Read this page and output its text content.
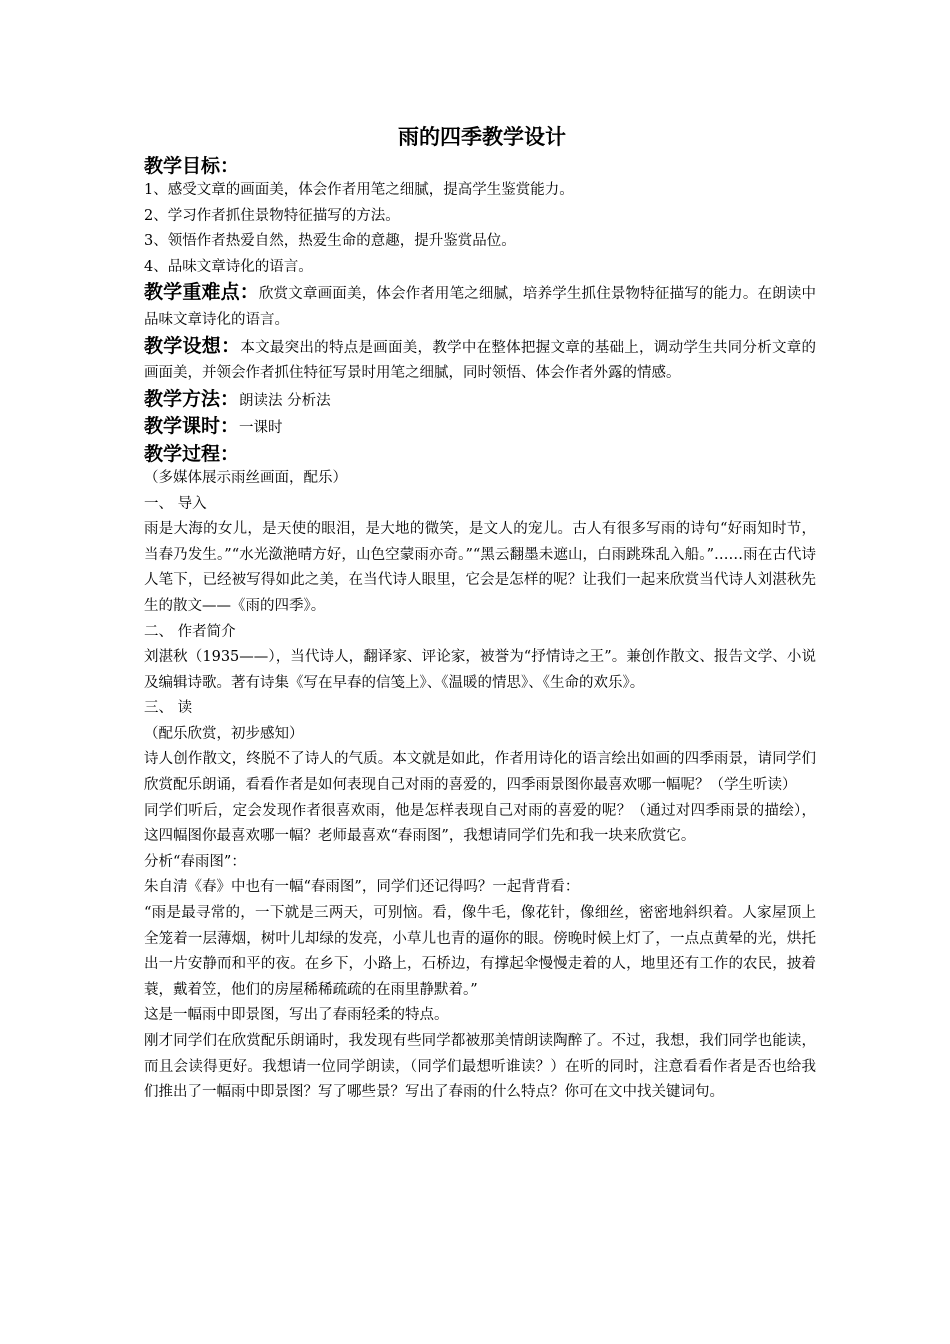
雨的四季教学设计

教学目标：

1、感受文章的画面美，体会作者用笔之细腻，提高学生鉴赏能力。

2、学习作者抓住景物特征描写的方法。

3、领悟作者热爱自然，热爱生命的意趣，提升鉴赏品位。

4、品味文章诗化的语言。

教学重难点：欣赏文章画面美，体会作者用笔之细腻，培养学生抓住景物特征描写的能力。在朗读中品味文章诗化的语言。

教学设想：本文最突出的特点是画面美，教学中在整体把握文章的基础上，调动学生共同分析文章的画面美，并领会作者抓住特征写景时用笔之细腻，同时领悟、体会作者外露的情感。

教学方法：朗读法 分析法

教学课时：一课时

教学过程：

（多媒体展示雨丝画面，配乐）

一、 导入

雨是大海的女儿，是天使的眼泪，是大地的微笑，是文人的宠儿。古人有很多写雨的诗句“好雨知时节，当春乃发生。”“水光潋滟晴方好，山色空蒙雨亦奇。”“黑云翻墨未遮山，白雨跳珠乱入船。”……雨在古代诗人笔下，已经被写得如此之美，在当代诗人眼里，它会是怎样的呢？让我们一起来欣赏当代诗人刘湛秋先生的散文——《雨的四季》。

二、 作者简介

刘湛秋（1935——），当代诗人，翻译家、评论家，被誉为“抒情诗之王”。兼创作散文、报告文学、小说及编辑诗歌。著有诗集《写在早春的信笺上》、《温暖的情思》、《生命的欢乐》。

三、 读

（配乐欣赏，初步感知）

诗人创作散文，终脱不了诗人的气质。本文就是如此，作者用诗化的语言绘出如画的四季雨景，请同学们欣赏配乐朗诵，看看作者是如何表现自己对雨的喜爱的，四季雨景图你最喜欢哪一幅呢？（学生听读）

同学们听后，定会发现作者很喜欢雨，他是怎样表现自己对雨的喜爱的呢？（通过对四季雨景的描绘），这四幅图你最喜欢哪一幅？老师最喜欢“春雨图”，我想请同学们先和我一块来欣赏它。

分析“春雨图”：

朱自清《春》中也有一幅“春雨图”，同学们还记得吗？一起背背看：

“雨是最寻常的，一下就是三两天，可别恼。看，像牛毛，像花针，像细丝，密密地斜织着。人家屋顶上全笼着一层薄烟，树叶儿却绿的发亮，小草儿也青的逼你的眼。傍晚时候上灯了，一点点黄晕的光，烘托出一片安静而和平的夜。在乡下，小路上，石桥边，有撑起伞慢慢走着的人，地里还有工作的农民，披着蓑，戴着笠，他们的房屋稀稀疏疏的在雨里静默着。”

这是一幅雨中即景图，写出了春雨轻柔的特点。

刚才同学们在欣赏配乐朗诵时，我发现有些同学都被那美情朗读陶醉了。不过，我想，我们同学也能读，而且会读得更好。我想请一位同学朗读，（同学们最想听谁读？）在听的同时，注意看看作者是否也给我们推出了一幅雨中即景图？写了哪些景？写出了春雨的什么特点？你可在文中找关键词句。
